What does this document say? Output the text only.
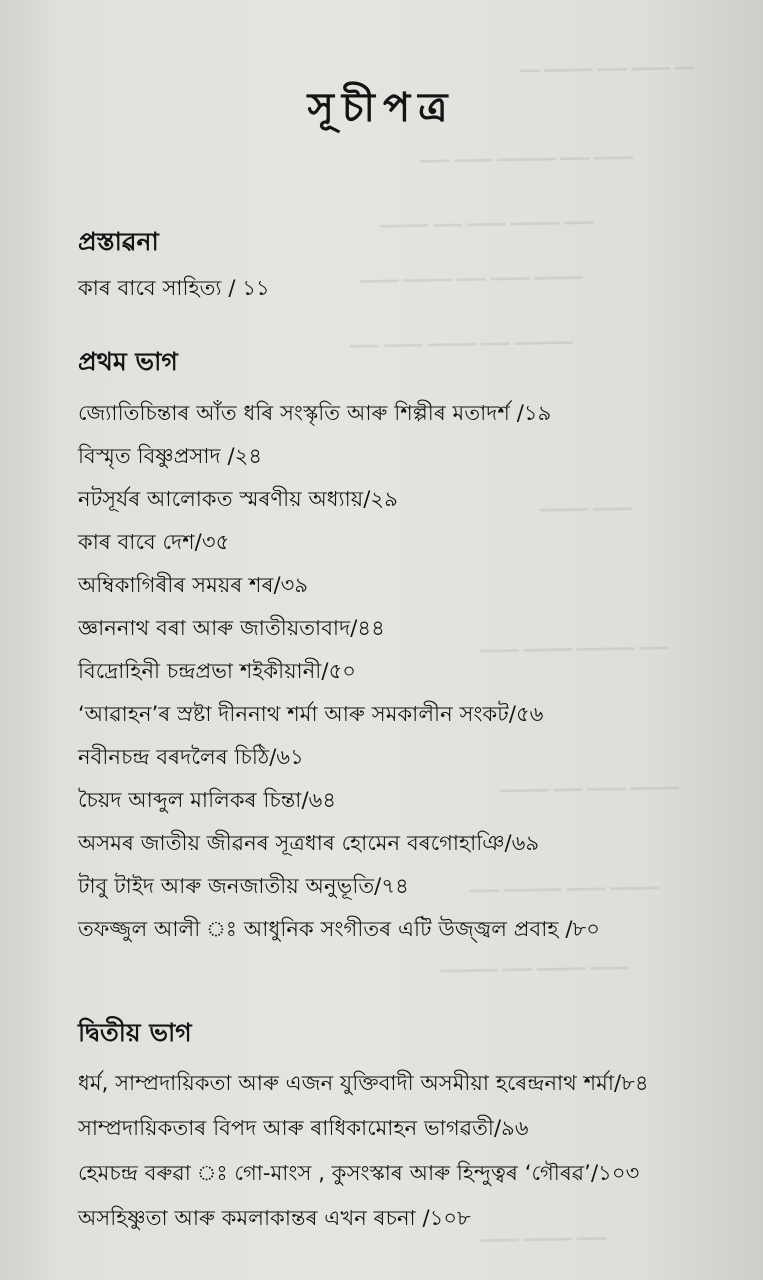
━━ ━━━━━ ━━━ ━━━━ ━━
━━━ ━━━━ ━━━━━━ ━━━ ━━━━
━━━━━ ━━━ ━━━━ ━━━━━ ━━━
━━━━ ━━━━━ ━━━ ━━━━ ━━━━━
━━━ ━━━━ ━━━━━ ━━━ ━━━━━━
━━━━━ ━━━━
━━━━ ━━━━━ ━━━━━━ ━━━
━━━━━ ━━━ ━━━━ ━━━━━
━━━ ━━━━━━ ━━━━ ━━━━━
━━━━━━ ━━━ ━━━━━ ━━━━
━━━━ ━━━━━ ━━━
সূচীপত্র
প্ৰস্তাৱনা
কাৰ বাবে সাহিত্য / ১১
প্ৰথম ভাগ
জ্যোতিচিন্তাৰ আঁত ধৰি সংস্কৃতি আৰু শিল্পীৰ মতাদৰ্শ /১৯
বিস্মৃত বিষ্ণুপ্ৰসাদ /২৪
নটসূৰ্যৰ আলোকত স্মৰণীয় অধ্যায়/২৯
কাৰ বাবে দেশ/৩৫
অম্বিকাগিৰীৰ সময়ৰ শৰ/৩৯
জ্ঞাননাথ বৰা আৰু জাতীয়তাবাদ/৪৪
বিদ্ৰোহিনী চন্দ্ৰপ্ৰভা শইকীয়ানী/৫০
‘আৱাহন’ৰ স্ৰষ্টা দীননাথ শৰ্মা আৰু সমকালীন সংকট/৫৬
নবীনচন্দ্ৰ বৰদলৈৰ চিঠি/৬১
চৈয়দ আব্দুল মালিকৰ চিন্তা/৬৪
অসমৰ জাতীয় জীৱনৰ সূত্ৰধাৰ হোমেন বৰগোহাঞি/৬৯
টাবু টাইদ আৰু জনজাতীয় অনুভূতি/৭৪
তফজ্জুল আলী ঃ আধুনিক সংগীতৰ এটি উজ্জ্বল প্ৰবাহ /৮০
দ্বিতীয় ভাগ
ধৰ্ম, সাম্প্ৰদায়িকতা আৰু এজন যুক্তিবাদী অসমীয়া হৰেন্দ্ৰনাথ শৰ্মা/৮৪
সাম্প্ৰদায়িকতাৰ বিপদ আৰু ৰাধিকামোহন ভাগৱতী/৯৬
হেমচন্দ্ৰ বৰুৱা ঃ গো-মাংস , কুসংস্কাৰ আৰু হিন্দুত্বৰ ‘গৌৰৱ’/১০৩
অসহিষ্ণুতা আৰু কমলাকান্তৰ এখন ৰচনা /১০৮
